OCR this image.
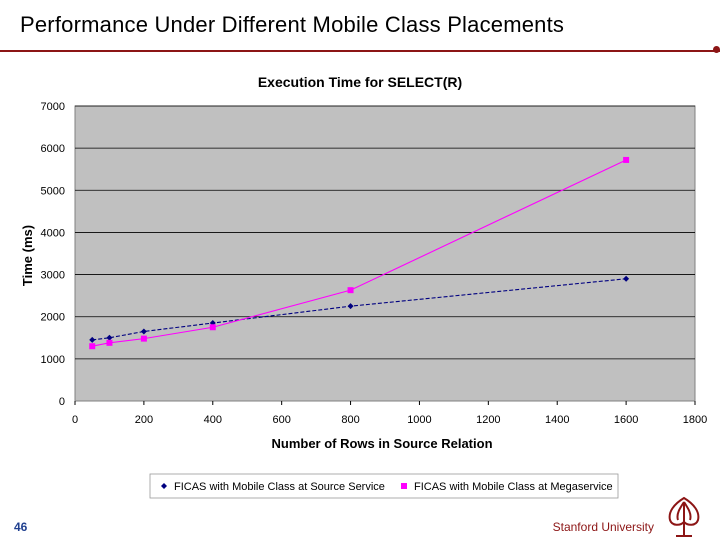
Performance Under Different Mobile Class Placements
0
1000
2000
3000
4000
5000
6000
7000
0	200	400	600	800	1000	1200	1400	1600	1800
Execution Time for SELECT(R)
Number of Rows in Source Relation
Time (ms)
FICAS with Mobile Class at Source Service	FICAS with Mobile Class at Megaservice
46	Stanford University
